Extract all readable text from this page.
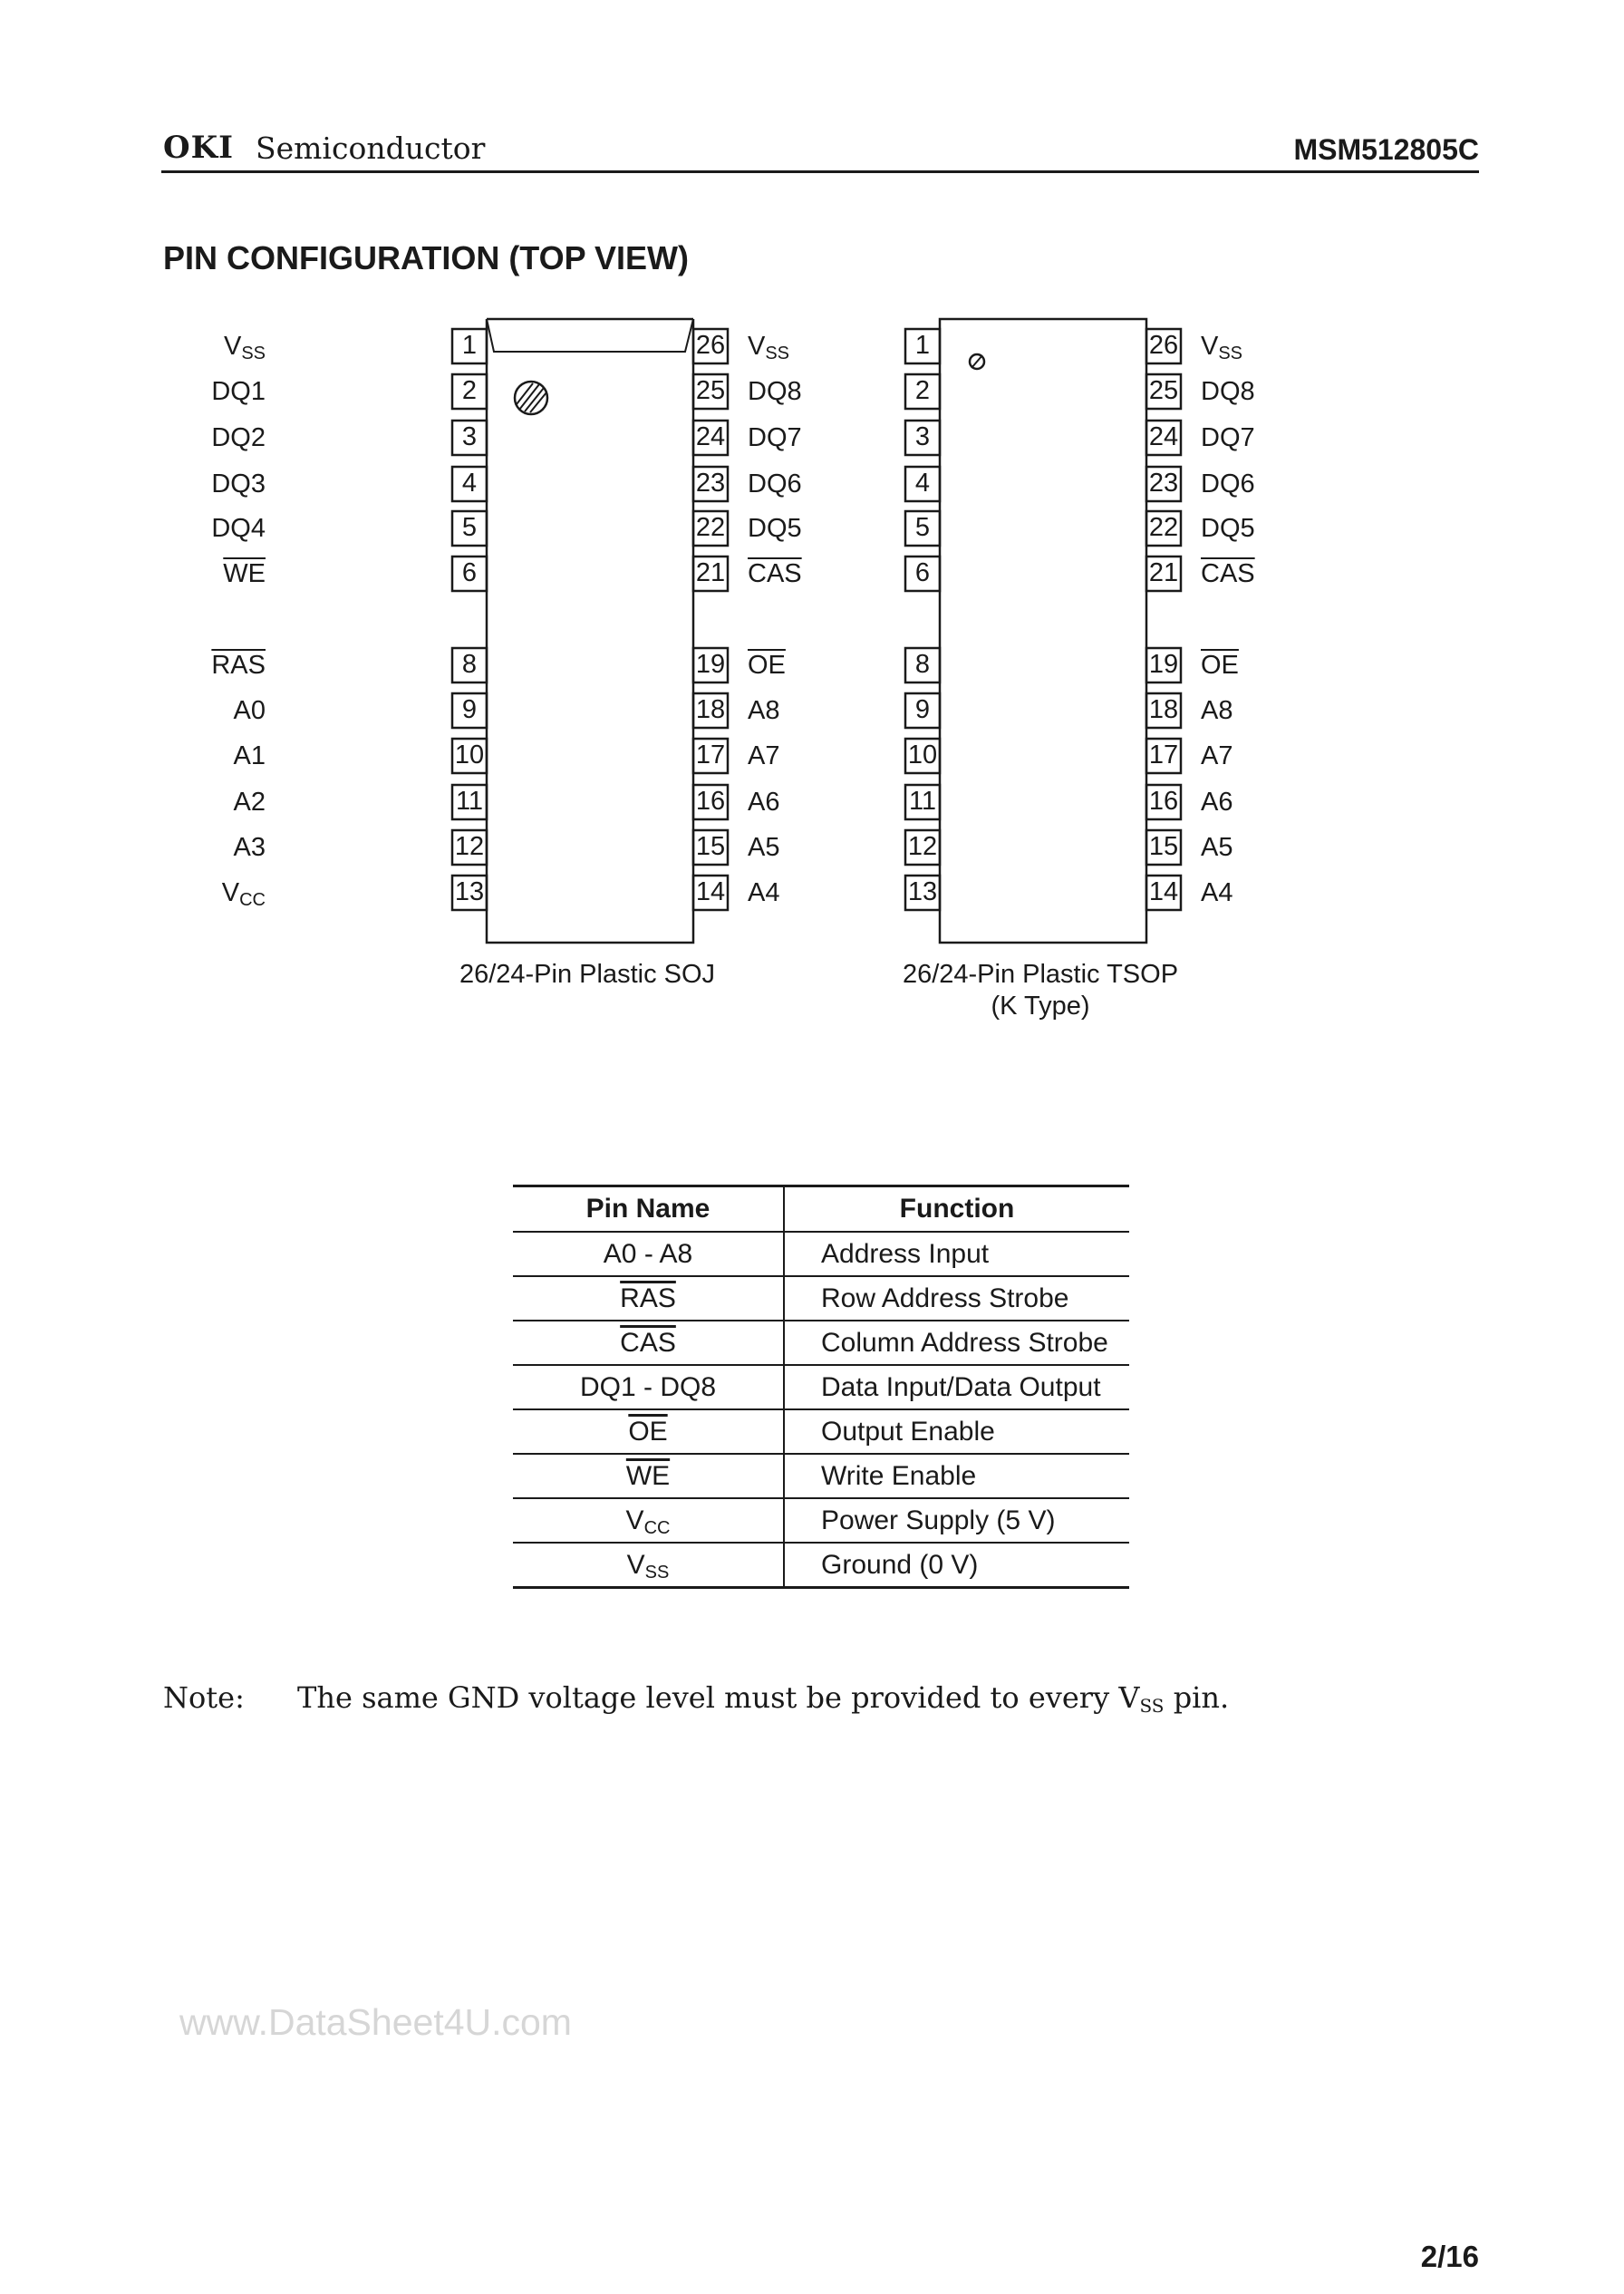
OKI Semiconductor	MSM512805C
PIN CONFIGURATION (TOP VIEW)
26/24-Pin Plastic SOJ
1
2
3
4
5
6
8
9
10
11
12
13
26 $V_{SS}$
25 DQ8
24 DQ7
23 DQ6
22 DQ5
21 $\overline{CAS}$
19 $\overline{OE}$
18 A8
17 A7
16 A6
15 A5
14 A4
26/24-Pin Plastic TSOP
(K Type)
$V_{SS}$	1
DQ1	2
DQ2	3
DQ3	4
DQ4	5
$\overline{WE}$	6
$\overline{RAS}$	8
A0	9
A1	10
A2	11
A3	12
$V_{CC}$	13
26 $V_{SS}$
25 DQ8
24 DQ7
23 DQ6
22 DQ5
21 $\overline{CAS}$
19 $\overline{OE}$
18 A8
17 A7
16 A6
15 A5
14 A4
Pin Name	Function
A0 - A8	Address Input
$\overline{RAS}$	Row Address Strobe
$\overline{CAS}$	Column Address Strobe
DQ1 - DQ8	Data Input/Data Output
$\overline{OE}$	Output Enable
$\overline{WE}$	Write Enable
$V_{CC}$	Power Supply (5 V)
$V_{SS}$	Ground (0 V)
Note: The same GND voltage level must be provided to every $V_{SS}$ pin.
www.DataSheet4U.com
2/16
